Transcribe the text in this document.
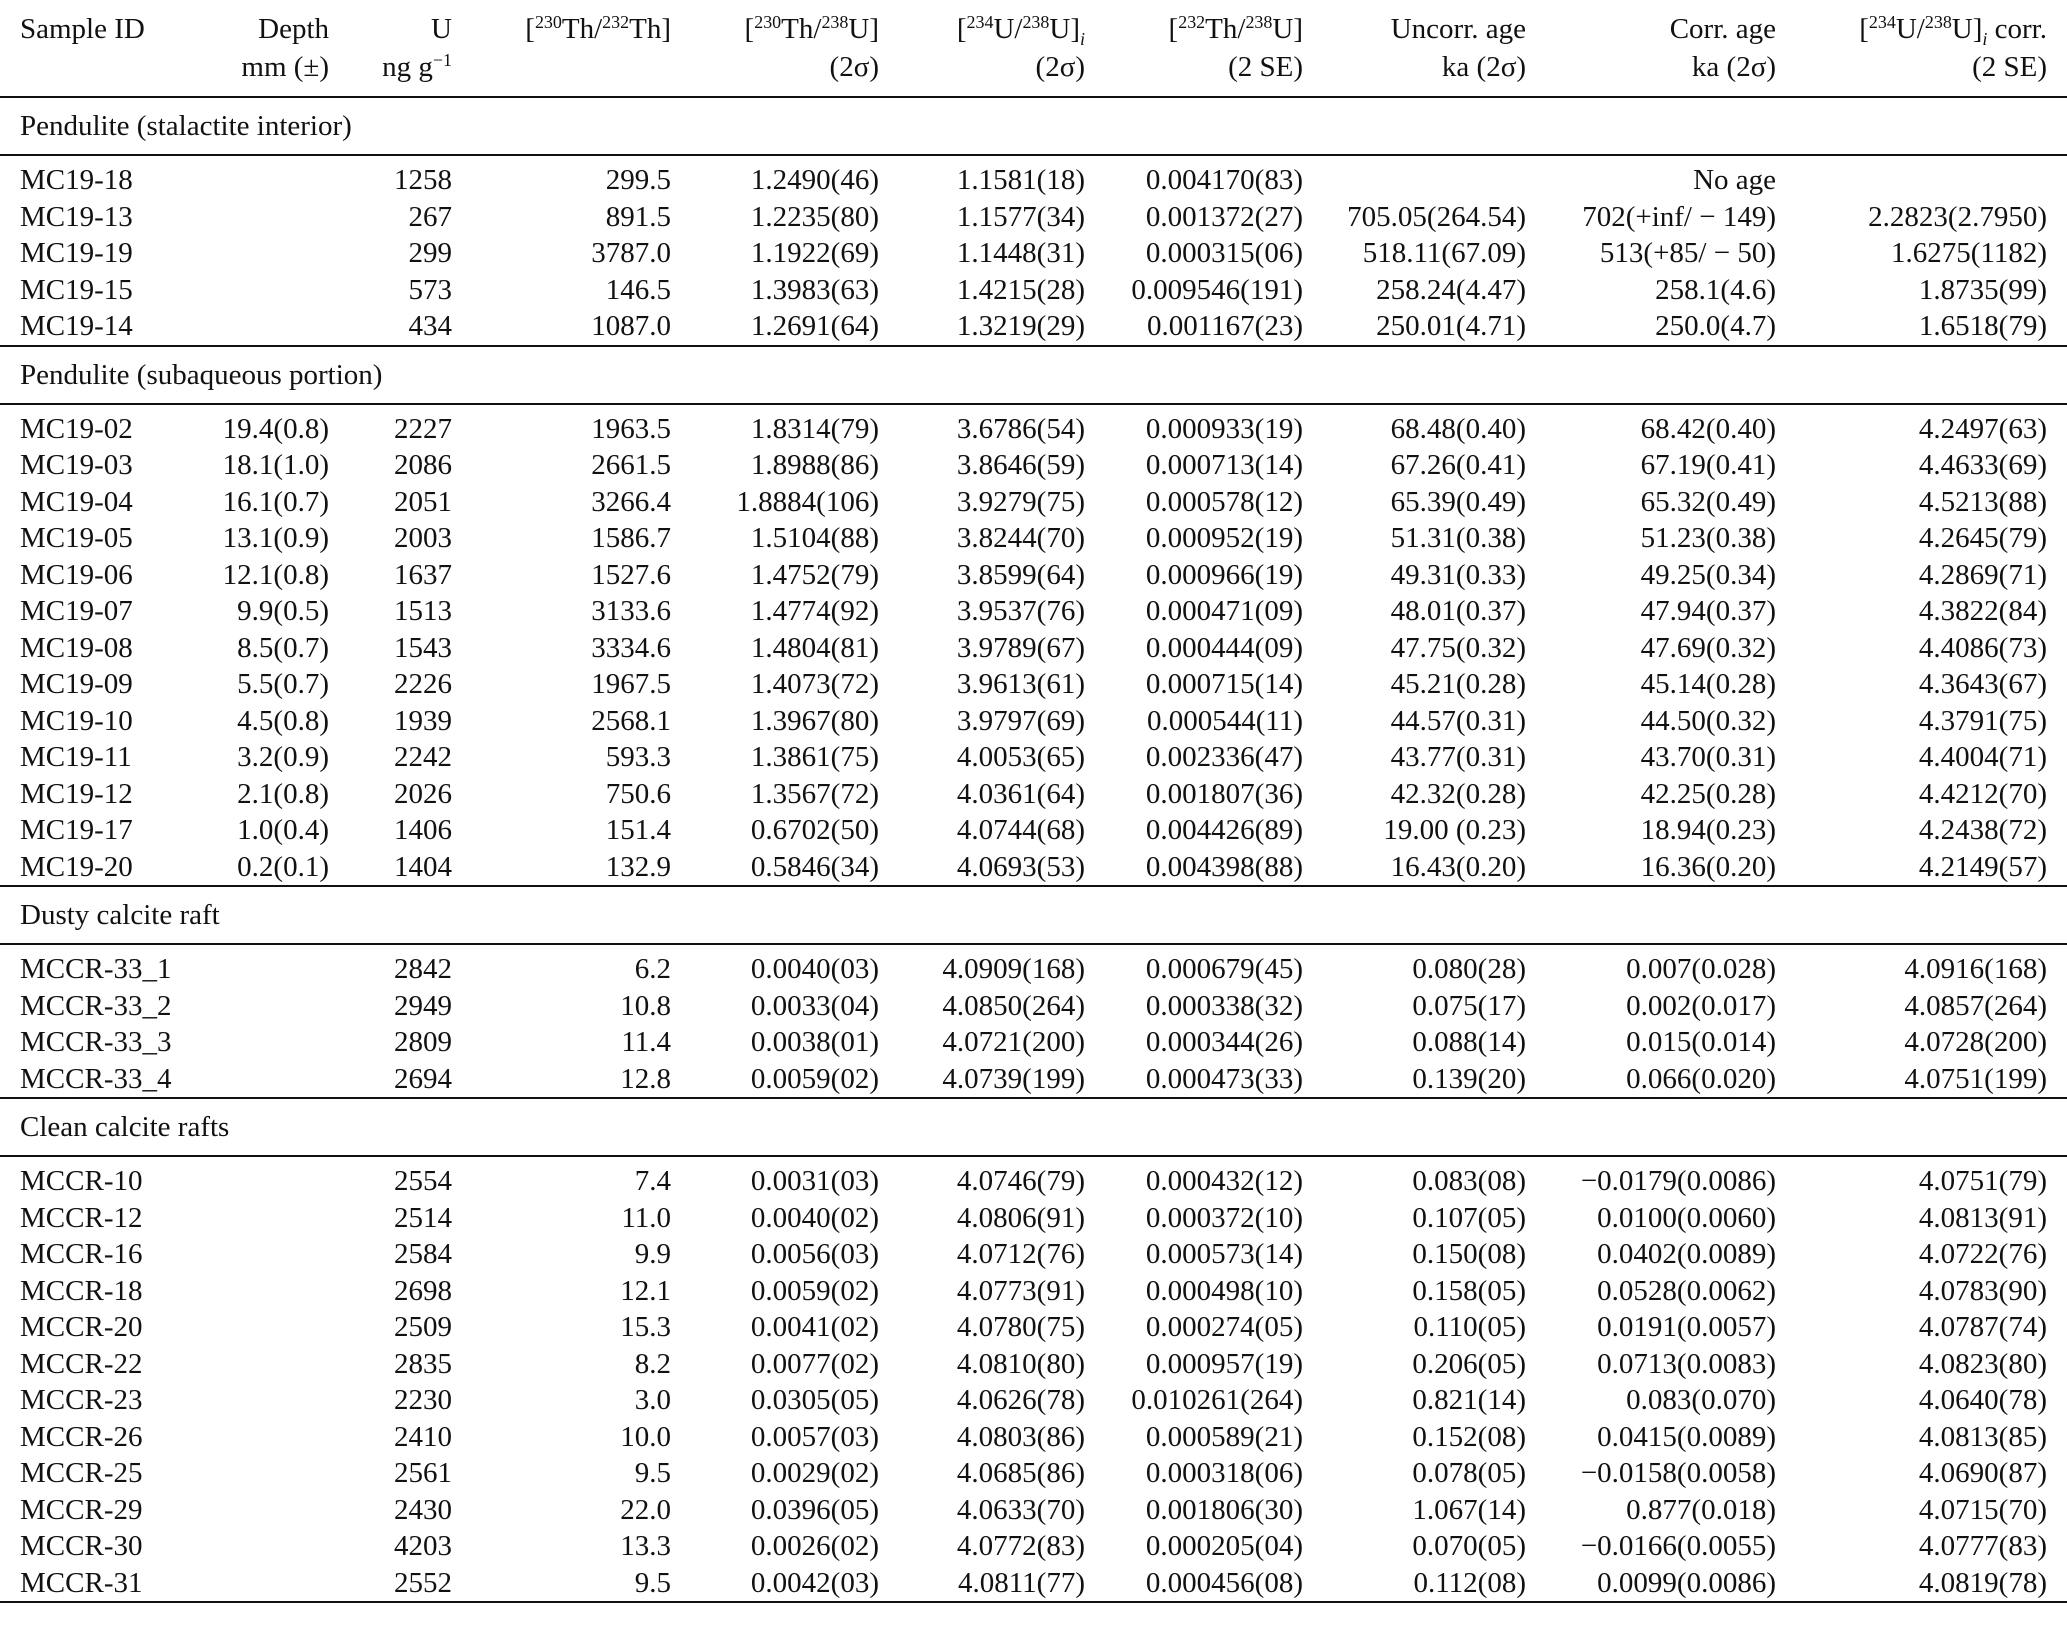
Sample ID	Depth	U	[$^{230}$Th/$^{232}$Th]	[$^{230}$Th/$^{238}$U]	$[^{234}U/^{238}U]_i$	[$^{232}$Th/$^{238}$U]	Uncorr. age	Corr. age	$[^{234}U/^{238}U]_i$ corr.
	mm (±)	ng $g^{-1}$		(2σ)	(2σ)	(2 SE)	ka (2σ)	ka (2σ)	(2 SE)
Pendulite (stalactite interior)									
MC19-18		1258	299.5	1.2490(46)	1.1581(18)	0.004170(83)		No age	
MC19-13		267	891.5	1.2235(80)	1.1577(34)	0.001372(27)	705.05(264.54)	702(+inf/ − 149)	2.2823(2.7950)
MC19-19		299	3787.0	1.1922(69)	1.1448(31)	0.000315(06)	518.11(67.09)	513(+85/ − 50)	1.6275(1182)
MC19-15		573	146.5	1.3983(63)	1.4215(28)	0.009546(191)	258.24(4.47)	258.1(4.6)	1.8735(99)
MC19-14		434	1087.0	1.2691(64)	1.3219(29)	0.001167(23)	250.01(4.71)	250.0(4.7)	1.6518(79)
Pendulite (subaqueous portion)									
MC19-02	19.4(0.8)	2227	1963.5	1.8314(79)	3.6786(54)	0.000933(19)	68.48(0.40)	68.42(0.40)	4.2497(63)
MC19-03	18.1(1.0)	2086	2661.5	1.8988(86)	3.8646(59)	0.000713(14)	67.26(0.41)	67.19(0.41)	4.4633(69)
MC19-04	16.1(0.7)	2051	3266.4	1.8884(106)	3.9279(75)	0.000578(12)	65.39(0.49)	65.32(0.49)	4.5213(88)
MC19-05	13.1(0.9)	2003	1586.7	1.5104(88)	3.8244(70)	0.000952(19)	51.31(0.38)	51.23(0.38)	4.2645(79)
MC19-06	12.1(0.8)	1637	1527.6	1.4752(79)	3.8599(64)	0.000966(19)	49.31(0.33)	49.25(0.34)	4.2869(71)
MC19-07	9.9(0.5)	1513	3133.6	1.4774(92)	3.9537(76)	0.000471(09)	48.01(0.37)	47.94(0.37)	4.3822(84)
MC19-08	8.5(0.7)	1543	3334.6	1.4804(81)	3.9789(67)	0.000444(09)	47.75(0.32)	47.69(0.32)	4.4086(73)
MC19-09	5.5(0.7)	2226	1967.5	1.4073(72)	3.9613(61)	0.000715(14)	45.21(0.28)	45.14(0.28)	4.3643(67)
MC19-10	4.5(0.8)	1939	2568.1	1.3967(80)	3.9797(69)	0.000544(11)	44.57(0.31)	44.50(0.32)	4.3791(75)
MC19-11	3.2(0.9)	2242	593.3	1.3861(75)	4.0053(65)	0.002336(47)	43.77(0.31)	43.70(0.31)	4.4004(71)
MC19-12	2.1(0.8)	2026	750.6	1.3567(72)	4.0361(64)	0.001807(36)	42.32(0.28)	42.25(0.28)	4.4212(70)
MC19-17	1.0(0.4)	1406	151.4	0.6702(50)	4.0744(68)	0.004426(89)	19.00 (0.23)	18.94(0.23)	4.2438(72)
MC19-20	0.2(0.1)	1404	132.9	0.5846(34)	4.0693(53)	0.004398(88)	16.43(0.20)	16.36(0.20)	4.2149(57)
Dusty calcite raft									
MCCR-33_1		2842	6.2	0.0040(03)	4.0909(168)	0.000679(45)	0.080(28)	0.007(0.028)	4.0916(168)
MCCR-33_2		2949	10.8	0.0033(04)	4.0850(264)	0.000338(32)	0.075(17)	0.002(0.017)	4.0857(264)
MCCR-33_3		2809	11.4	0.0038(01)	4.0721(200)	0.000344(26)	0.088(14)	0.015(0.014)	4.0728(200)
MCCR-33_4		2694	12.8	0.0059(02)	4.0739(199)	0.000473(33)	0.139(20)	0.066(0.020)	4.0751(199)
Clean calcite rafts									
MCCR-10		2554	7.4	0.0031(03)	4.0746(79)	0.000432(12)	0.083(08)	−0.0179(0.0086)	4.0751(79)
MCCR-12		2514	11.0	0.0040(02)	4.0806(91)	0.000372(10)	0.107(05)	0.0100(0.0060)	4.0813(91)
MCCR-16		2584	9.9	0.0056(03)	4.0712(76)	0.000573(14)	0.150(08)	0.0402(0.0089)	4.0722(76)
MCCR-18		2698	12.1	0.0059(02)	4.0773(91)	0.000498(10)	0.158(05)	0.0528(0.0062)	4.0783(90)
MCCR-20		2509	15.3	0.0041(02)	4.0780(75)	0.000274(05)	0.110(05)	0.0191(0.0057)	4.0787(74)
MCCR-22		2835	8.2	0.0077(02)	4.0810(80)	0.000957(19)	0.206(05)	0.0713(0.0083)	4.0823(80)
MCCR-23		2230	3.0	0.0305(05)	4.0626(78)	0.010261(264)	0.821(14)	0.083(0.070)	4.0640(78)
MCCR-26		2410	10.0	0.0057(03)	4.0803(86)	0.000589(21)	0.152(08)	0.0415(0.0089)	4.0813(85)
MCCR-25		2561	9.5	0.0029(02)	4.0685(86)	0.000318(06)	0.078(05)	−0.0158(0.0058)	4.0690(87)
MCCR-29		2430	22.0	0.0396(05)	4.0633(70)	0.001806(30)	1.067(14)	0.877(0.018)	4.0715(70)
MCCR-30		4203	13.3	0.0026(02)	4.0772(83)	0.000205(04)	0.070(05)	−0.0166(0.0055)	4.0777(83)
MCCR-31		2552	9.5	0.0042(03)	4.0811(77)	0.000456(08)	0.112(08)	0.0099(0.0086)	4.0819(78)
